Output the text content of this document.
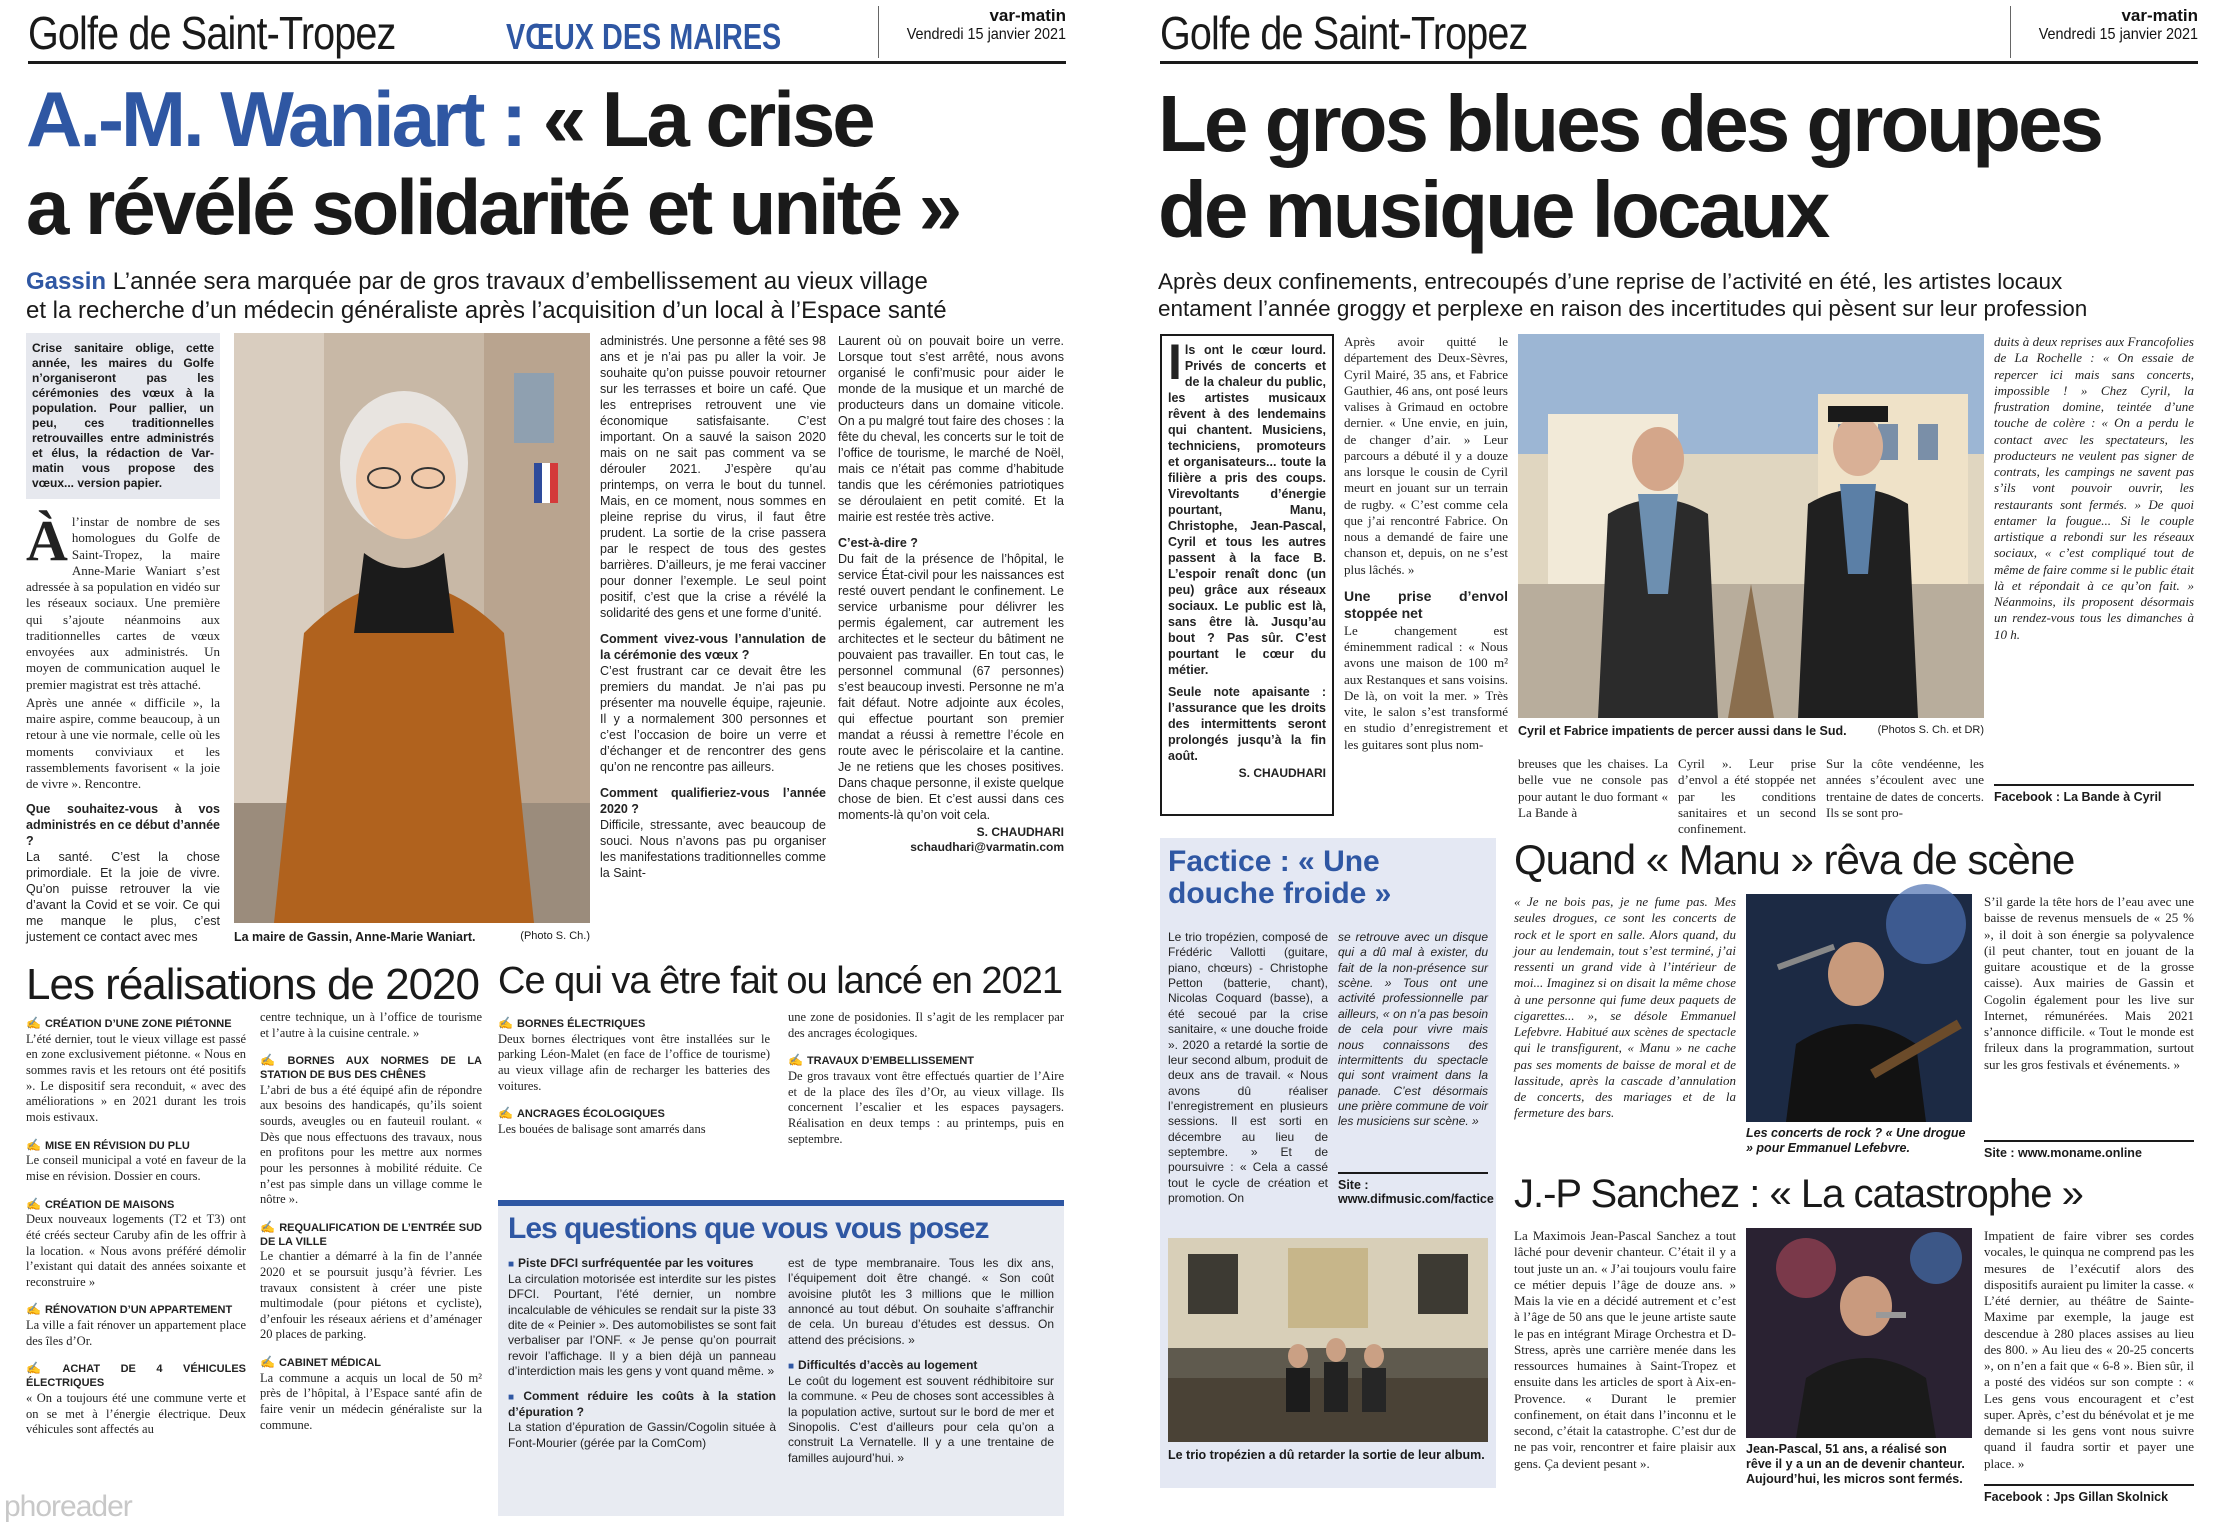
Golfe de Saint-Tropez	VŒUX DES MAIRES
var-matin
Vendredi 15 janvier 2021
A.-M. Waniart : « La crise
a révélé solidarité et unité »
Gassin L’année sera marquée par de gros travaux d’embellissement au vieux village
et la recherche d’un médecin généraliste après l’acquisition d’un local à l’Espace santé
Crise sanitaire oblige, cette année, les maires du Golfe n’organiseront pas les cérémonies des vœux à la population. Pour pallier, un peu, ces traditionnelles retrouvailles entre administrés et élus, la rédaction de Var-matin vous propose des vœux... version papier.

Àl’instar de nombre de ses homologues du Golfe de Saint-Tropez, la maire Anne-Marie Waniart s’est adressée à sa population en vidéo sur les réseaux sociaux. Une première qui s’ajoute néanmoins aux traditionnelles cartes de vœux envoyées aux administrés. Un moyen de communication auquel le premier magistrat est très attaché.

Après une année « difficile », la maire aspire, comme beaucoup, à un retour à une vie normale, celle où les moments conviviaux et les rassemblements favorisent « la joie de vivre ». Rencontre.

Que souhaitez-vous à vos administrés en ce début d’année ?

La santé. C’est la chose primordiale. Et la joie de vivre. Qu’on puisse retrouver la vie d’avant la Covid et se voir. Ce qui me manque le plus, c’est justement ce contact avec mes	La maire de Gassin, Anne-Marie Waniart.	(Photo S. Ch.)

administrés. Une personne a fêté ses 98 ans et je n’ai pas pu aller la voir. Je souhaite qu’on puisse pouvoir retourner sur les terrasses et boire un café. Que les entreprises retrouvent une vie économique satisfaisante. C’est important. On a sauvé la saison 2020 mais on ne sait pas comment va se dérouler 2021. J’espère qu’au printemps, on verra le bout du tunnel. Mais, en ce moment, nous sommes en pleine reprise du virus, il faut être prudent. La sortie de la crise passera par le respect de tous des gestes barrières. D’ailleurs, je me ferai vacciner pour donner l’exemple. Le seul point positif, c’est que la crise a révélé la solidarité des gens et une forme d’unité.

Comment vivez-vous l’annulation de la cérémonie des vœux ?

C’est frustrant car ce devait être les premiers du mandat. Je n’ai pas pu présenter ma nouvelle équipe, rajeunie. Il y a normalement 300 personnes et c’est l’occasion de boire un verre et d’échanger et de rencontrer des gens qu’on ne rencontre pas ailleurs.

Comment qualifieriez-vous l’année 2020 ?

Difficile, stressante, avec beaucoup de souci. Nous n’avons pas pu organiser les manifestations traditionnelles comme la Saint-

Laurent où on pouvait boire un verre. Lorsque tout s’est arrêté, nous avons organisé le confi’music pour aider le monde de la musique et un marché de producteurs dans un domaine viticole. On a pu malgré tout faire des choses : la fête du cheval, les concerts sur le toit de l’office de tourisme, le marché de Noël, mais ce n’était pas comme d’habitude tandis que les cérémonies patriotiques se déroulaient en petit comité. Et la mairie est restée très active.

C’est-à-dire ?

Du fait de la présence de l’hôpital, le service État-civil pour les naissances est resté ouvert pendant le confinement. Le service urbanisme pour délivrer les permis également, car autrement les architectes et le secteur du bâtiment ne pouvaient pas travailler. En tout cas, le personnel communal (67 personnes) s’est beaucoup investi. Personne ne m’a fait défaut. Notre adjointe aux écoles, qui effectue pourtant son premier mandat a réussi à remettre l’école en route avec le périscolaire et la cantine. Je ne retiens que les choses positives. Dans chaque personne, il existe quelque chose de bien. Et c’est aussi dans ces moments-là qu’on voit cela.

S. CHAUDHARI
schaudhari@varmatin.com
Les réalisations de 2020
✍ CRÉATION D’UNE ZONE PIÉTONNE

L’été dernier, tout le vieux village est passé en zone exclusivement piétonne. « Nous en sommes ravis et les retours ont été positifs ». Le dispositif sera reconduit, « avec des améliorations » en 2021 durant les trois mois estivaux.

✍ MISE EN RÉVISION DU PLU

Le conseil municipal a voté en faveur de la mise en révision. Dossier en cours.

✍ CRÉATION DE MAISONS

Deux nouveaux logements (T2 et T3) ont été créés secteur Caruby afin de les offrir à la location. « Nous avons préféré démolir l’existant qui datait des années soixante et reconstruire »

✍ RÉNOVATION D’UN APPARTEMENT

La ville a fait rénover un appartement place des îles d’Or.

✍ ACHAT DE 4 VÉHICULES ÉLECTRIQUES

« On a toujours été une commune verte et on se met à l’énergie électrique. Deux véhicules sont affectés au

centre technique, un à l’office de tourisme et l’autre à la cuisine centrale. »

✍ BORNES AUX NORMES DE LA STATION DE BUS DES CHÊNES

L’abri de bus a été équipé afin de répondre aux besoins des handicapés, qu’ils soient sourds, aveugles ou en fauteuil roulant. « Dès que nous effectuons des travaux, nous en profitons pour les mettre aux normes pour les personnes à mobilité réduite. Ce n’est pas simple dans un village comme le nôtre ».

✍ REQUALIFICATION DE L’ENTRÉE SUD DE LA VILLE

Le chantier a démarré à la fin de l’année 2020 et se poursuit jusqu’à février. Les travaux consistent à créer une piste multimodale (pour piétons et cycliste), d’enfouir les réseaux aériens et d’aménager 20 places de parking.

✍ CABINET MÉDICAL

La commune a acquis un local de 50 m² près de l’hôpital, à l’Espace santé afin de faire venir un médecin généraliste sur la commune.

Ce qui va être fait ou lancé en 2021
✍ BORNES ÉLECTRIQUES

Deux bornes électriques vont être installées sur le parking Léon-Malet (en face de l’office de tourisme) au vieux village afin de recharger les batteries des voitures.

✍ ANCRAGES ÉCOLOGIQUES

Les bouées de balisage sont amarrés dans

une zone de posidonies. Il s’agit de les remplacer par des ancrages écologiques.

✍ TRAVAUX D’EMBELLISSEMENT

De gros travaux vont être effectués quartier de l’Aire et de la place des îles d’Or, au vieux village. Ils concernent l’escalier et les espaces paysagers. Réalisation en deux temps : au printemps, puis en septembre.

Les questions que vous vous posez
■ Piste DFCI surfréquentée par les voitures

La circulation motorisée est interdite sur les pistes DFCI. Pourtant, l’été dernier, un nombre incalculable de véhicules se rendait sur la piste 33 dite de « Peinier ». Des automobilistes se sont fait verbaliser par l’ONF. « Je pense qu’on pourrait revoir l’affichage. Il y a bien déjà un panneau d’interdiction mais les gens y vont quand même. »

■ Comment réduire les coûts à la station d’épuration ?

La station d’épuration de Gassin/Cogolin située à Font-Mourier (gérée par la ComCom)

est de type membranaire. Tous les dix ans, l’équipement doit être changé. « Son coût avoisine plutôt les 3 millions que le million annoncé au tout début. On souhaite s’affranchir de cela. Un bureau d’études est dessus. On attend des précisions. »

■ Difficultés d’accès au logement

Le coût du logement est souvent rédhibitoire sur la commune. « Peu de choses sont accessibles à la population active, surtout sur le bord de mer et Sinopolis. C’est d’ailleurs pour cela qu’on a construit La Vernatelle. Il y a une trentaine de familles aujourd’hui. »

phoreader
Golfe de Saint-Tropez	var-matin
Vendredi 15 janvier 2021
Le gros blues des groupes
de musique locaux
Après deux confinements, entrecoupés d’une reprise de l’activité en été, les artistes locaux
entament l’année groggy et perplexe en raison des incertitudes qui pèsent sur leur profession

Ils ont le cœur lourd. Privés de concerts et de la chaleur du public, les artistes musicaux rêvent à des lendemains qui chantent. Musiciens, techniciens, promoteurs et organisateurs... toute la filière a pris des coups. Virevoltants d’énergie pourtant, Manu, Christophe, Jean-Pascal, Cyril et tous les autres passent à la face B. L’espoir renaît donc (un peu) grâce aux réseaux sociaux. Le public est là, sans être là. Jusqu’au bout ? Pas sûr. C’est pourtant le cœur du métier.

Seule note apaisante : l’assurance que les droits des intermittents seront prolongés jusqu’à la fin août.

S. CHAUDHARI

Après avoir quitté le département des Deux-Sèvres, Cyril Mairé, 35 ans, et Fabrice Gauthier, 46 ans, ont posé leurs valises à Grimaud en octobre dernier. « Une envie, en juin, de changer d’air. » Leur parcours a débuté il y a douze ans lorsque le cousin de Cyril meurt en jouant sur un terrain de rugby. « C’est comme cela que j’ai rencontré Fabrice. On nous a demandé de faire une chanson et, depuis, on ne s’est plus lâchés. »

Une prise d’envol stoppée net

Le changement est éminemment radical : « Nous avons une maison de 100 m² aux Restanques et sans voisins. De là, on voit la mer. » Très vite, le salon s’est transformé en studio d’enregistrement et les guitares sont plus nom-

Cyril et Fabrice impatients de percer aussi dans le Sud.	(Photos S. Ch. et DR)
breuses que les chaises. La belle vue ne console pas pour autant le duo formant « La Bande à
Cyril ». Leur prise d’envol a été stoppée net par les conditions sanitaires et un second confinement.
Sur la côte vendéenne, les années s’écoulent avec une trentaine de dates de concerts. Ils se sont pro-

duits à deux reprises aux Francofolies de La Rochelle : « On essaie de repercer ici mais sans concerts, impossible ! » Chez Cyril, la frustration domine, teintée d’une touche de colère : « On a perdu le contact avec les spectateurs, les producteurs ne veulent pas signer de contrats, les campings ne savent pas s’ils vont pouvoir ouvrir, les restaurants sont fermés. » De quoi entamer la fougue... Si le couple artistique a rebondi sur les réseaux sociaux, « c’est compliqué tout de même de faire comme si le public était là et répondait à ce qu’on fait. » Néanmoins, ils proposent désormais un rendez-vous tous les dimanches à 10 h.

Facebook : La Bande à Cyril
Factice : « Une
douche froide »

Le trio tropézien, composé de Frédéric Vallotti (guitare, piano, chœurs) - Christophe Petton (batterie, chant), Nicolas Coquard (basse), a été secoué par la crise sanitaire, « une douche froide ». 2020 a retardé la sortie de leur second album, produit de deux ans de travail. « Nous avons dû réaliser l’enregistrement en plusieurs sessions. Il est sorti en décembre au lieu de septembre. » Et de poursuivre : « Cela a cassé tout le cycle de création et promotion. On

se retrouve avec un disque qui a dû mal à exister, du fait de la non-présence sur scène. » Tous ont une activité professionnelle par ailleurs, « on n’a pas besoin de cela pour vivre mais nous connaissons des intermittents du spectacle qui sont vraiment dans la panade. C’est désormais une prière commune de voir les musiciens sur scène. »

Site : www.difmusic.com/factice
Le trio tropézien a dû retarder la sortie de leur album.
Quand « Manu » rêva de scène

« Je ne bois pas, je ne fume pas. Mes seules drogues, ce sont les concerts de rock et le sport en salle. Alors quand, du jour au lendemain, tout s’est terminé, j’ai ressenti un grand vide à l’intérieur de moi... Imaginez si on disait la même chose à une personne qui fume deux paquets de cigarettes... », se désole Emmanuel Lefebvre. Habitué aux scènes de spectacle qui le transfigurent, « Manu » ne cache pas ses moments de baisse de moral et de lassitude, après la cascade d’annulation de concerts, des mariages et de la fermeture des bars.

Les concerts de rock ? « Une drogue » pour Emmanuel Lefebvre.

S’il garde la tête hors de l’eau avec une baisse de revenus mensuels de « 25 % », il doit à son énergie sa polyvalence (il peut chanter, tout en jouant de la guitare acoustique et de la grosse caisse). Aux mairies de Gassin et Cogolin également pour les live sur Internet, rémunérées. Mais 2021 s’annonce difficile. « Tout le monde est frileux dans la programmation, surtout sur les gros festivals et événements. »

Site : www.moname.online
J.-P Sanchez : « La catastrophe »

La Maximois Jean-Pascal Sanchez a tout lâché pour devenir chanteur. C’était il y a tout juste un an. « J’ai toujours voulu faire ce métier depuis l’âge de douze ans. » Mais la vie en a décidé autrement et c’est à l’âge de 50 ans que le jeune artiste saute le pas en intégrant Mirage Orchestra et D-Stress, après une carrière menée dans les ressources humaines à Saint-Tropez et ensuite dans les articles de sport à Aix-en-Provence. « Durant le premier confinement, on était dans l’inconnu et le second, c’était la catastrophe. C’est dur de ne pas voir, rencontrer et faire plaisir aux gens. Ça devient pesant ».

Jean-Pascal, 51 ans, a réalisé son rêve il y a un an de devenir chanteur. Aujourd’hui, les micros sont fermés.

Impatient de faire vibrer ses cordes vocales, le quinqua ne comprend pas les mesures de l’exécutif alors des dispositifs auraient pu limiter la casse. « L’été dernier, au théâtre de Sainte-Maxime par exemple, la jauge est descendue à 280 places assises au lieu des 800. » Au lieu des « 20-25 concerts », on n’en a fait que « 6-8 ». Bien sûr, il a posté des vidéos sur son compte : « Les gens vous encouragent et c’est super. Après, c’est du bénévolat et je me demande si les gens vont nous suivre quand il faudra sortir et payer une place. »

Facebook : Jps Gillan Skolnick
